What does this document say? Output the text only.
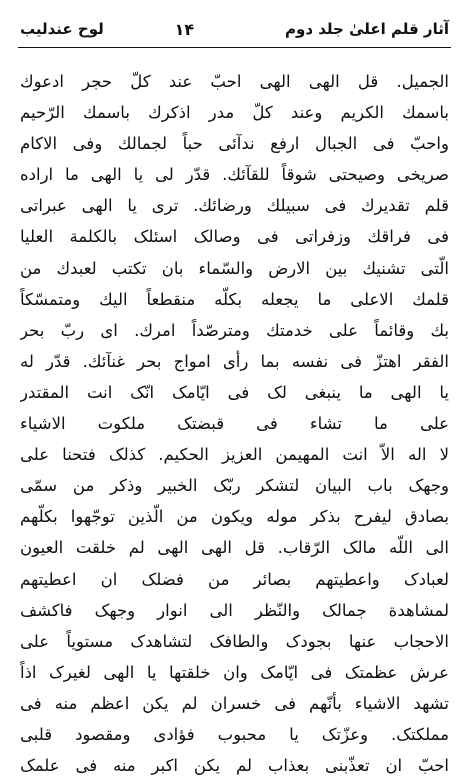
لوح عندليب	١۴	آثار قلم اعلیٰ جلد دوم
الجميل. قل الهى الهى احبّ عند كلّ حجر ادعوك
باسمك الكريم وعند كلّ مدر اذكرك باسمك الرّحيم
واحبّ فى الجبال ارفع ندآئى حباً لجمالك وفى الاكام
صريخى وصيحتى شوقاً للقآئك. قدّر لى يا الهى ما اراده
قلم تقديرك فى سبيلك ورضائك. ترى يا الهى عبراتى
فى فراقك وزفراتى فى وصالک اسئلک بالكلمة العليا
الّتى تشنيك بين الارض والسّماء بان تكتب لعبدك من
قلمك الاعلى ما يجعله بكلّه منقطعاً اليك ومتمسّكاً
بك وقائماً على خدمتك ومترصّداً امرك. اى ربّ بحر
الفقر اهتزّ فى نفسه بما رأى امواج بحر غنآئك. قدّر له
يا الهى ما ينبغى لک فى ايّامک انّک انت المقتدر
على ما تشاء فى قبضتک ملكوت الاشياء
لا اله الاّ انت المهيمن العزيز الحكيم. كذلک فتحنا على
وجهک باب البيان لتشكر ربّک الخبير وذكر من سمّى
بصادق ليفرح بذكر موله ويكون من الّذين توجّهوا بكلّهم
الى اللّه مالک الرّقاب. قل الهى الهى لم خلقت العيون
لعبادک واعطيتهم بصائر من فضلک ان اعطيتهم
لمشاهدة جمالک والنّظر الى انوار وجهک فاكشف
الاحجاب عنها بجودک والطافک لتشاهدک مستوياً على
عرش عظمتک فى ايّامک وان خلقتها يا الهى لغيرک اذاً
تشهد الاشياء بأنّهم فى خسران لم يكن اعظم منه فى
مملكتک. وعزّتک يا محبوب فؤادى ومقصود قلبى
احبّ ان تعذّبنى بعذاب لم يكن اكبر منه فى علمک
